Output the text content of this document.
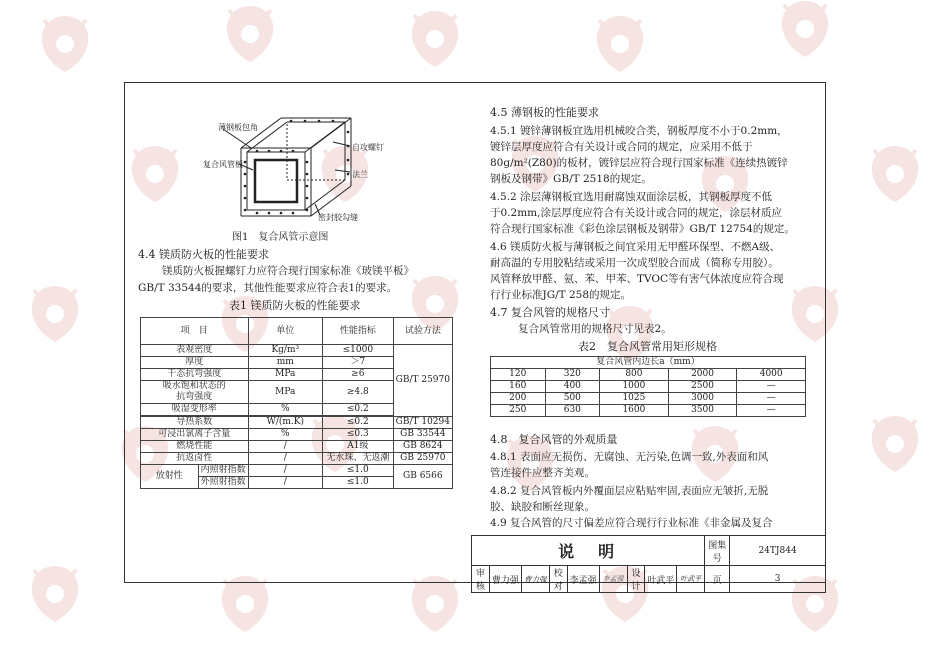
薄钢板包角
复合风管板
自攻螺钉
法兰
密封胶勾缝
图1　复合风管示意图
4.4 镁质防火板的性能要求
镁质防火板握螺钉力应符合现行国家标准《玻镁平板》
GB/T 33544的要求，其他性能要求应符合表1的要求。
表1 镁质防火板的性能要求
项　目		单位	性能指标	试验方法
表观密度		Kg/m³	≤1000	GB/T 25970
厚度		mm	＞7	
干态抗弯强度		MPa	≥6	
吸水饱和状态的抗弯强度		MPa	≥4.8	
吸湿变形率		%	≤0.2	

导热系数		W/(m.K)	≤0.2	GB/T 10294
可浸出氯离子含量		%	≤0.3	GB 33544
燃烧性能		/	A1级	GB 8624
抗返卤性		/	无水珠、无返潮	GB 25970
放射性	内照射指数	/	≤1.0	GB 6566
	外照射指数	/	≤1.0	
4.5 薄钢板的性能要求
4.5.1 镀锌薄钢板宜选用机械咬合类，钢板厚度不小于0.2mm，
镀锌层厚度应符合有关设计或合同的规定，应采用不低于
80g/m²(Z80)的板材，镀锌层应符合现行国家标准《连续热镀锌
钢板及钢带》GB/T 2518的规定。
4.5.2 涂层薄钢板宜选用耐腐蚀双面涂层板，其钢板厚度不低
于0.2mm,涂层厚度应符合有关设计或合同的规定，涂层材质应
符合现行国家标准《彩色涂层钢板及钢带》GB/T 12754的规定。
4.6 镁质防火板与薄钢板之间宜采用无甲醛环保型、不燃A级、
耐高温的专用胶粘结或采用一次成型胶合而成（简称专用胶）。
风管释放甲醛、氨、苯、甲苯、TVOC等有害气体浓度应符合现
行行业标准JG/T 258的规定。
4.7 复合风管的规格尺寸
复合风管常用的规格尺寸见表2。
表2　复合风管常用矩形规格
复合风管内边长a（mm）				
120	320	800	2000	4000
160	400	1000	2500	—
200	500	1025	3000	—
250	630	1600	3500	—
4.8　复合风管的外观质量
4.8.1 表面应无损伤、无腐蚀、无污染,色调一致,外表面和风
管连接件应整齐美观。
4.8.2 复合风管板内外覆面层应粘贴牢固,表面应无皱折,无脱
胶、缺胶和断丝现象。
4.9 复合风管的尺寸偏差应符合现行行业标准《非金属及复合
说　明									图集号	24TJ844
审核	曹力强	曹力强	校对	李孟强	李孟强	设计	叶武平	叶武平	页	3
